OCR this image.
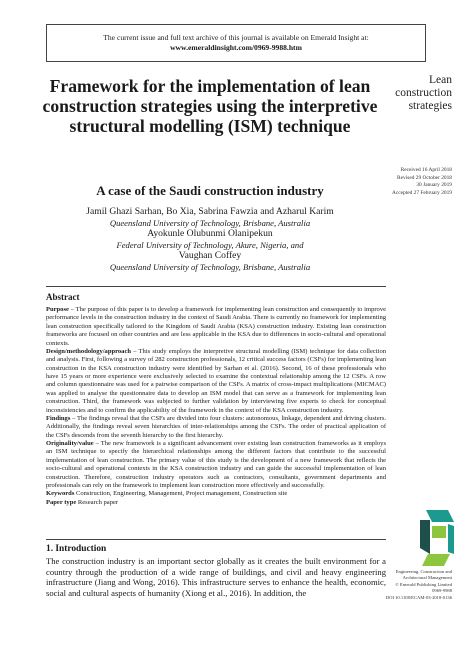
The current issue and full text archive of this journal is available on Emerald Insight at:
www.emeraldinsight.com/0969-9988.htm
Lean
construction
strategies
Received 16 April 2018
Revised 29 October 2018
30 January 2019
Accepted 27 February 2019
Framework for the implementation of lean construction strategies using the interpretive structural modelling (ISM) technique
A case of the Saudi construction industry
Jamil Ghazi Sarhan, Bo Xia, Sabrina Fawzia and Azharul Karim
Queensland University of Technology, Brisbane, Australia
Ayokunle Olubunmi Olanipekun
Federal University of Technology, Akure, Nigeria, and
Vaughan Coffey
Queensland University of Technology, Brisbane, Australia
Abstract

Purpose – The purpose of this paper is to develop a framework for implementing lean construction and consequently to improve performance levels in the construction industry in the context of Saudi Arabia. There is currently no framework for implementing lean construction specifically tailored to the Kingdom of Saudi Arabia (KSA) construction industry. Existing lean construction frameworks are focused on other countries and are less applicable in the KSA due to differences in socio-cultural and operational contexts.

Design/methodology/approach – This study employs the interpretive structural modelling (ISM) technique for data collection and analysis. First, following a survey of 282 construction professionals, 12 critical success factors (CSFs) for implementing lean construction in the KSA construction industry were identified by Sarhan et al. (2016). Second, 16 of these professionals who have 15 years or more experience were exclusively selected to examine the contextual relationship among the 12 CSFs. A row and column questionnaire was used for a pairwise comparison of the CSFs. A matrix of cross-impact multiplications (MICMAC) was applied to analyse the questionnaire data to develop an ISM model that can serve as a framework for implementing lean construction. Third, the framework was subjected to further validation by interviewing five experts to check for conceptual inconsistencies and to confirm the applicability of the framework in the context of the KSA construction industry.

Findings – The findings reveal that the CSFs are divided into four clusters: autonomous, linkage, dependent and driving clusters. Additionally, the findings reveal seven hierarchies of inter-relationships among the CSFs. The order of practical application of the CSFs descends from the seventh hierarchy to the first hierarchy.

Originality/value – The new framework is a significant advancement over existing lean construction frameworks as it employs an ISM technique to specify the hierarchical relationships among the different factors that contribute to the successful implementation of lean construction. The primary value of this study is the development of a new framework that reflects the socio-cultural and operational contexts in the KSA construction industry and can guide the successful implementation of lean construction. Therefore, construction industry operators such as contractors, consultants, government departments and professionals can rely on the framework to implement lean construction more effectively and successfully.

Keywords Construction, Engineering, Management, Project management, Construction site

Paper type Research paper

1. Introduction

The construction industry is an important sector globally as it creates the built environment for a country through the production of a wide range of buildings, and civil and heavy engineering infrastructure (Jiang and Wong, 2016). This infrastructure serves to enhance the health, economic, social and cultural aspects of humanity (Xiong et al., 2016). In addition, the

Engineering, Construction and
Architectural Management
© Emerald Publishing Limited
0969-9988
DOI 10.1108/ECAM-03-2018-0136
